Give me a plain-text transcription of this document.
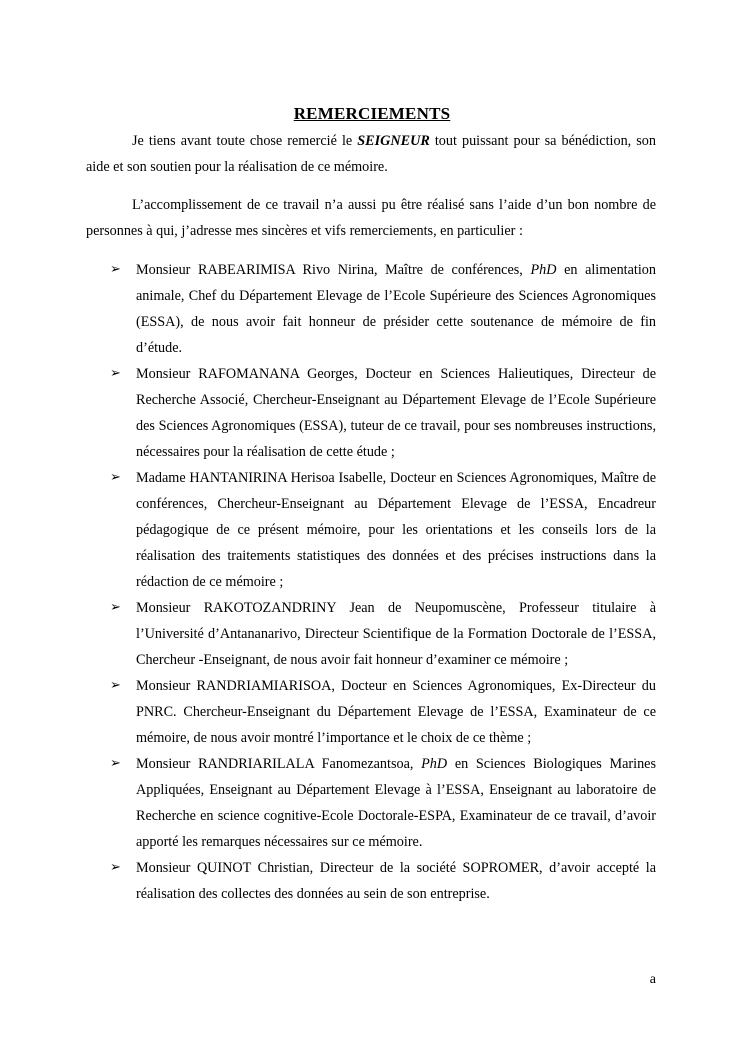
REMERCIEMENTS

Je tiens avant toute chose remercié le SEIGNEUR tout puissant pour sa bénédiction, son aide et son soutien pour la réalisation de ce mémoire.

L’accomplissement de ce travail n’a aussi pu être réalisé sans l’aide d’un bon nombre de personnes à qui, j’adresse mes sincères et vifs remerciements, en particulier :

➢ Monsieur RABEARIMISA Rivo Nirina, Maître de conférences, PhD en alimentation animale, Chef du Département Elevage de l’Ecole Supérieure des Sciences Agronomiques (ESSA), de nous avoir fait honneur de présider cette soutenance de mémoire de fin d’étude.
➢ Monsieur RAFOMANANA Georges, Docteur en Sciences Halieutiques, Directeur de Recherche Associé, Chercheur-Enseignant au Département Elevage de l’Ecole Supérieure des Sciences Agronomiques (ESSA), tuteur de ce travail, pour ses nombreuses instructions, nécessaires pour la réalisation de cette étude ;
➢ Madame HANTANIRINA Herisoa Isabelle, Docteur en Sciences Agronomiques, Maître de conférences, Chercheur-Enseignant au Département Elevage de l’ESSA, Encadreur pédagogique de ce présent mémoire, pour les orientations et les conseils lors de la réalisation des traitements statistiques des données et des précises instructions dans la rédaction de ce mémoire ;
➢ Monsieur RAKOTOZANDRINY Jean de Neupomuscène, Professeur titulaire à l’Université d’Antananarivo, Directeur Scientifique de la Formation Doctorale de l’ESSA, Chercheur -Enseignant, de nous avoir fait honneur d’examiner ce mémoire ;
➢ Monsieur RANDRIAMIARISOA, Docteur en Sciences Agronomiques, Ex-Directeur du PNRC. Chercheur-Enseignant du Département Elevage de l’ESSA, Examinateur de ce mémoire, de nous avoir montré l’importance et le choix de ce thème ;
➢ Monsieur RANDRIARILALA Fanomezantsoa, PhD en Sciences Biologiques Marines Appliquées, Enseignant au Département Elevage à l’ESSA, Enseignant au laboratoire de Recherche en science cognitive-Ecole Doctorale-ESPA, Examinateur de ce travail, d’avoir apporté les remarques nécessaires sur ce mémoire.
➢ Monsieur QUINOT Christian, Directeur de la société SOPROMER, d’avoir accepté la réalisation des collectes des données au sein de son entreprise.
a
